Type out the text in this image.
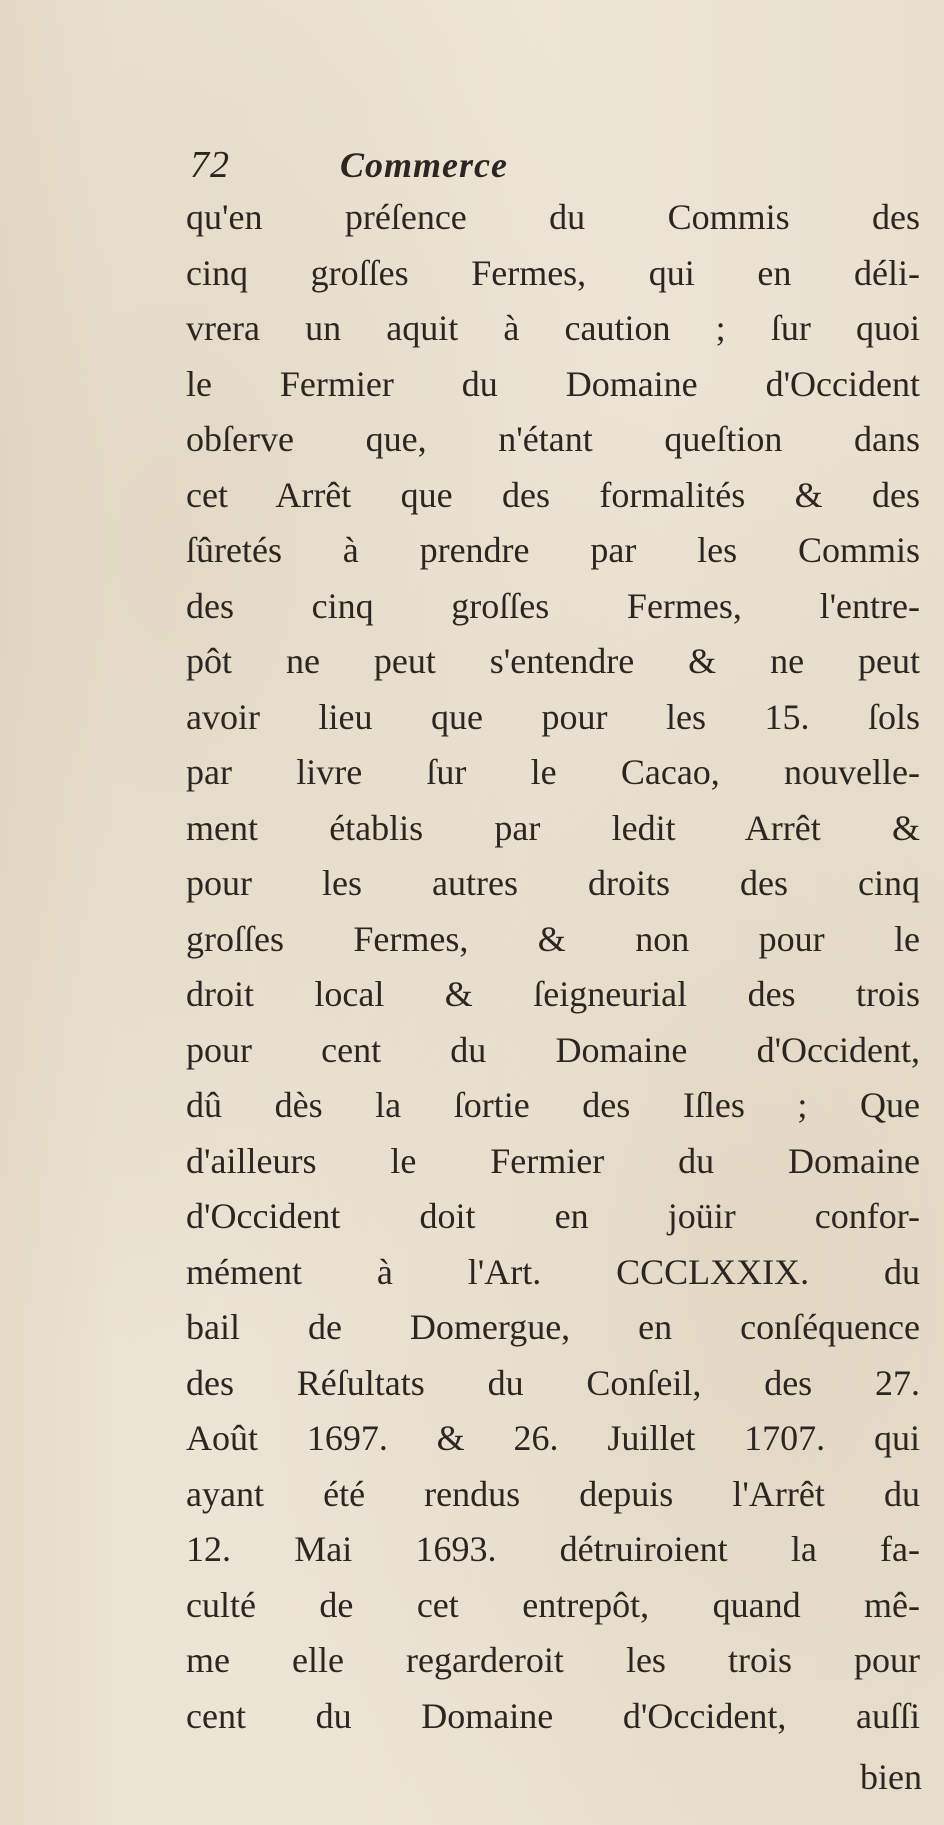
72	Commerce
qu'en préſence du Commis des
cinq groſſes Fermes, qui en déli-
vrera un aquit à caution ; ſur quoi
le Fermier du Domaine d'Occident
obſerve que, n'étant queſtion dans
cet Arrêt que des formalités & des
ſûretés à prendre par les Commis
des cinq groſſes Fermes, l'entre-
pôt ne peut s'entendre & ne peut
avoir lieu que pour les 15. ſols
par livre ſur le Cacao, nouvelle-
ment établis par ledit Arrêt &
pour les autres droits des cinq
groſſes Fermes, & non pour le
droit local & ſeigneurial des trois
pour cent du Domaine d'Occident,
dû dès la ſortie des Iſles ; Que
d'ailleurs le Fermier du Domaine
d'Occident doit en joüir confor-
mément à l'Art. CCCLXXIX. du
bail de Domergue, en conſéquence
des Réſultats du Conſeil, des 27.
Août 1697. & 26. Juillet 1707. qui
ayant été rendus depuis l'Arrêt du
12. Mai 1693. détruiroient la fa-
culté de cet entrepôt, quand mê-
me elle regarderoit les trois pour
cent du Domaine d'Occident, auſſi
bien
